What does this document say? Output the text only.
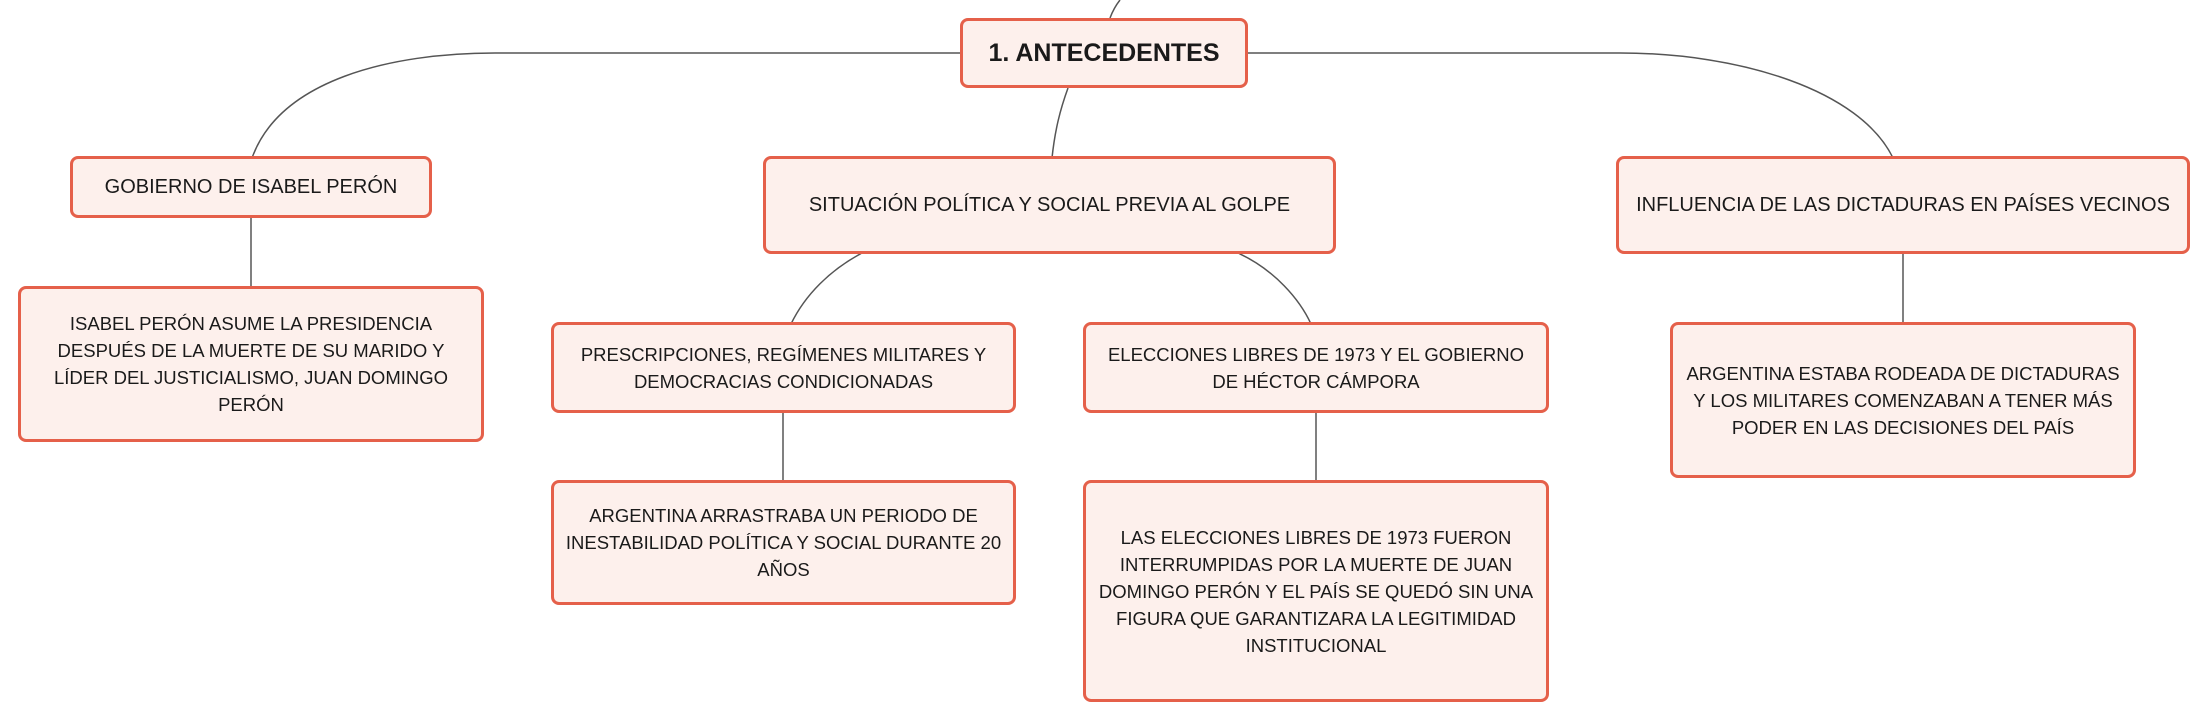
1. ANTECEDENTES
GOBIERNO DE ISABEL PERÓN
ISABEL PERÓN ASUME LA PRESIDENCIA DESPUÉS DE LA MUERTE DE SU MARIDO Y LÍDER DEL JUSTICIALISMO, JUAN DOMINGO PERÓN
SITUACIÓN POLÍTICA Y SOCIAL PREVIA AL GOLPE
PRESCRIPCIONES, REGÍMENES MILITARES Y DEMOCRACIAS CONDICIONADAS
ARGENTINA ARRASTRABA UN PERIODO DE INESTABILIDAD POLÍTICA Y SOCIAL DURANTE 20 AÑOS
ELECCIONES LIBRES DE 1973 Y EL GOBIERNO DE HÉCTOR CÁMPORA
LAS ELECCIONES LIBRES DE 1973 FUERON INTERRUMPIDAS POR LA MUERTE DE JUAN DOMINGO PERÓN Y EL PAÍS SE QUEDÓ SIN UNA FIGURA QUE GARANTIZARA LA LEGITIMIDAD INSTITUCIONAL
INFLUENCIA DE LAS DICTADURAS EN PAÍSES VECINOS
ARGENTINA ESTABA RODEADA DE DICTADURAS Y LOS MILITARES COMENZABAN A TENER MÁS PODER EN LAS DECISIONES DEL PAÍS
